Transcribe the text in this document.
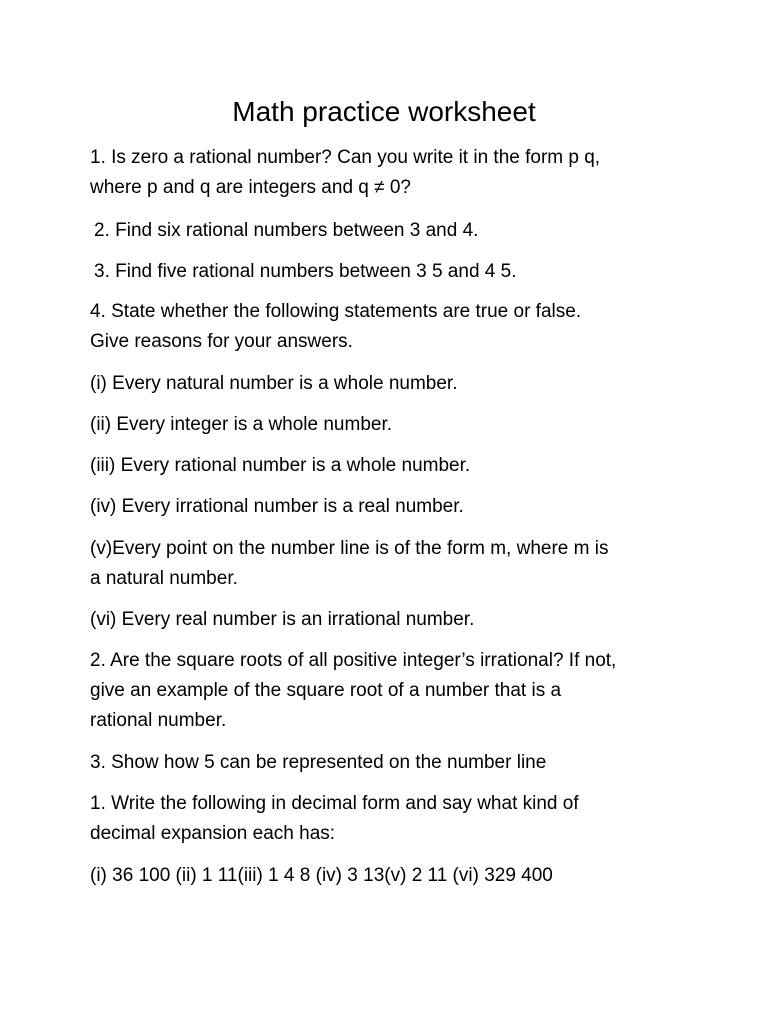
Math practice worksheet
1. Is zero a rational number? Can you write it in the form p q,
where p and q are integers and q ≠ 0?
2. Find six rational numbers between 3 and 4.
3. Find five rational numbers between 3 5 and 4 5.
4. State whether the following statements are true or false.
Give reasons for your answers.
(i) Every natural number is a whole number.
(ii) Every integer is a whole number.
(iii) Every rational number is a whole number.
(iv) Every irrational number is a real number.
(v)Every point on the number line is of the form m, where m is
a natural number.
(vi) Every real number is an irrational number.
2. Are the square roots of all positive integer’s irrational? If not,
give an example of the square root of a number that is a
rational number.
3. Show how 5 can be represented on the number line
1. Write the following in decimal form and say what kind of
decimal expansion each has:
(i) 36 100 (ii) 1 11(iii) 1 4 8 (iv) 3 13(v) 2 11 (vi) 329 400
